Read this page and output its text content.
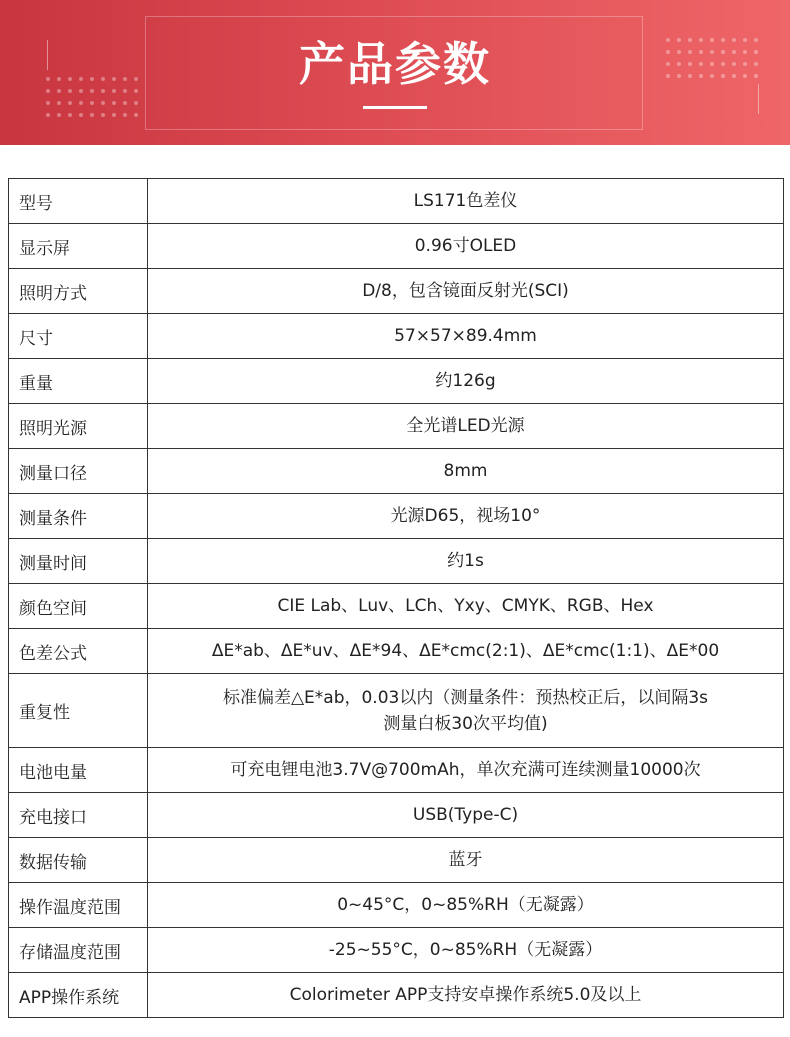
产品参数
型号	LS171色差仪
显示屏	0.96寸OLED
照明方式	D/8，包含镜面反射光(SCI)
尺寸	57×57×89.4mm
重量	约126g
照明光源	全光谱LED光源
测量口径	8mm
测量条件	光源D65，视场10°
测量时间	约1s
颜色空间	CIE Lab、Luv、LCh、Yxy、CMYK、RGB、Hex
色差公式	ΔE*ab、ΔE*uv、ΔE*94、ΔE*cmc(2:1)、ΔE*cmc(1:1)、ΔE*00
重复性	标准偏差△E*ab，0.03以内（测量条件：预热校正后，以间隔3s
测量白板30次平均值)

电池电量	可充电锂电池3.7V@700mAh，单次充满可连续测量10000次
充电接口	USB(Type-C)
数据传输	蓝牙
操作温度范围	0~45°C，0~85%RH（无凝露）
存储温度范围	-25~55°C，0~85%RH（无凝露）
APP操作系统	Colorimeter APP支持安卓操作系统5.0及以上
